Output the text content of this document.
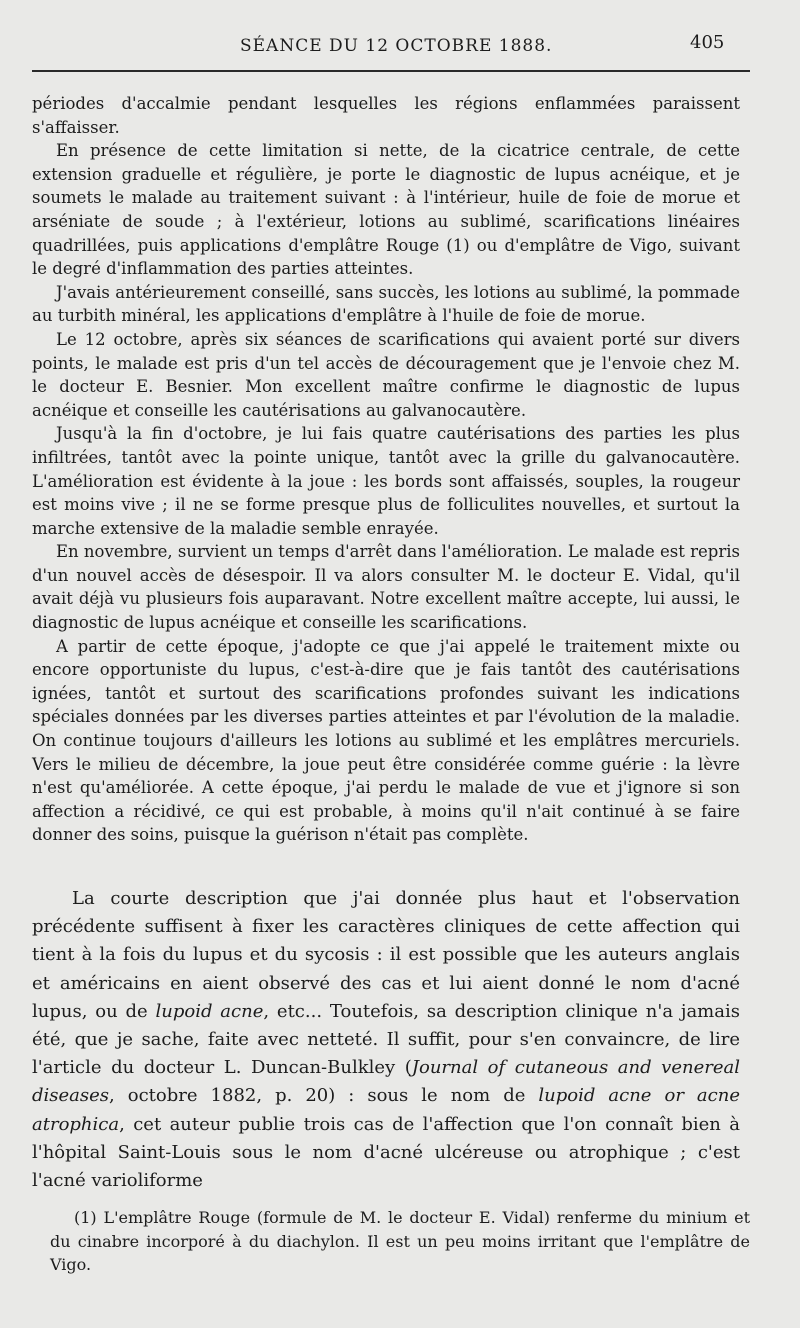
SÉANCE DU 12 OCTOBRE 1888.	405

périodes d'accalmie pendant lesquelles les régions enflammées paraissent s'affaisser.

En présence de cette limitation si nette, de la cicatrice centrale, de cette extension graduelle et régulière, je porte le diagnostic de lupus acnéique, et je soumets le malade au traitement suivant : à l'intérieur, huile de foie de morue et arséniate de soude ; à l'extérieur, lotions au sublimé, scarifications linéaires quadrillées, puis applications d'emplâtre Rouge (1) ou d'emplâtre de Vigo, suivant le degré d'inflammation des parties atteintes.

J'avais antérieurement conseillé, sans succès, les lotions au sublimé, la pommade au turbith minéral, les applications d'emplâtre à l'huile de foie de morue.

Le 12 octobre, après six séances de scarifications qui avaient porté sur divers points, le malade est pris d'un tel accès de découragement que je l'envoie chez M. le docteur E. Besnier. Mon excellent maître confirme le diagnostic de lupus acnéique et conseille les cautérisations au galvanocautère.

Jusqu'à la fin d'octobre, je lui fais quatre cautérisations des parties les plus infiltrées, tantôt avec la pointe unique, tantôt avec la grille du galvanocautère. L'amélioration est évidente à la joue : les bords sont affaissés, souples, la rougeur est moins vive ; il ne se forme presque plus de folliculites nouvelles, et surtout la marche extensive de la maladie semble enrayée.

En novembre, survient un temps d'arrêt dans l'amélioration. Le malade est repris d'un nouvel accès de désespoir. Il va alors consulter M. le docteur E. Vidal, qu'il avait déjà vu plusieurs fois auparavant. Notre excellent maître accepte, lui aussi, le diagnostic de lupus acnéique et conseille les scarifications.

A partir de cette époque, j'adopte ce que j'ai appelé le traitement mixte ou encore opportuniste du lupus, c'est-à-dire que je fais tantôt des cautérisations ignées, tantôt et surtout des scarifications profondes suivant les indications spéciales données par les diverses parties atteintes et par l'évolution de la maladie. On continue toujours d'ailleurs les lotions au sublimé et les emplâtres mercuriels. Vers le milieu de décembre, la joue peut être considérée comme guérie : la lèvre n'est qu'améliorée. A cette époque, j'ai perdu le malade de vue et j'ignore si son affection a récidivé, ce qui est probable, à moins qu'il n'ait continué à se faire donner des soins, puisque la guérison n'était pas complète.

La courte description que j'ai donnée plus haut et l'observation précédente suffisent à fixer les caractères cliniques de cette affection qui tient à la fois du lupus et du sycosis : il est possible que les auteurs anglais et américains en aient observé des cas et lui aient donné le nom d'acné lupus, ou de lupoid acne, etc... Toutefois, sa description clinique n'a jamais été, que je sache, faite avec netteté. Il suffit, pour s'en convaincre, de lire l'article du docteur L. Duncan-Bulkley (Journal of cutaneous and venereal diseases, octobre 1882, p. 20) : sous le nom de lupoid acne or acne atrophica, cet auteur publie trois cas de l'affection que l'on connaît bien à l'hôpital Saint-Louis sous le nom d'acné ulcéreuse ou atrophique ; c'est l'acné varioliforme

(1) L'emplâtre Rouge (formule de M. le docteur E. Vidal) renferme du minium et du cinabre incorporé à du diachylon. Il est un peu moins irritant que l'emplâtre de Vigo.
